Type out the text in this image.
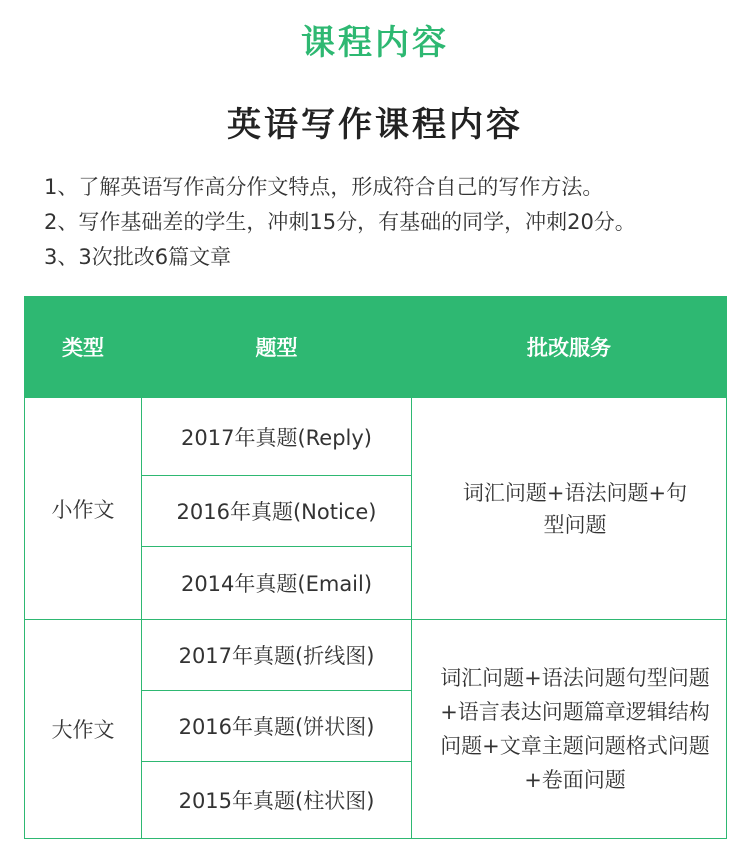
课程内容
英语写作课程内容
1、了解英语写作高分作文特点，形成符合自己的写作方法。
2、写作基础差的学生，冲刺15分，有基础的同学，冲刺20分。
3、3次批改6篇文章
类型	题型	批改服务
小作文	2017年真题(Reply)	词汇问题+语法问题+句型问题

	2016年真题(Notice)	
	2014年真题(Email)	
大作文	2017年真题(折线图)	词汇问题+语法问题句型问题+语言表达问题篇章逻辑结构问题+文章主题问题格式问题+卷面问题

	2016年真题(饼状图)	
	2015年真题(柱状图)	
